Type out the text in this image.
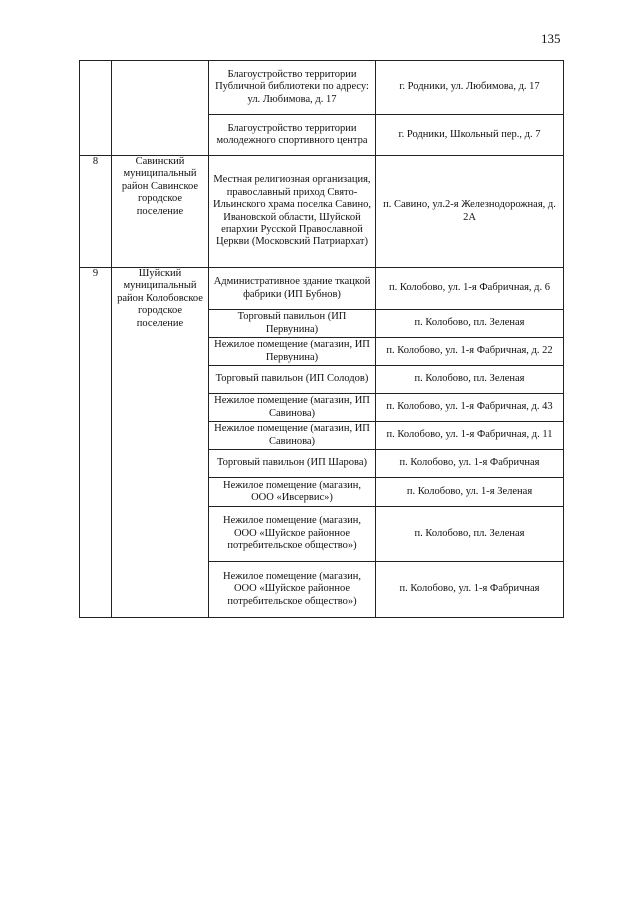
135
		Благоустройство территории Публичной библиотеки по адресу: ул. Любимова, д. 17	г. Родники, ул. Любимова, д. 17
		Благоустройство территории молодежного спортивного центра	г. Родники, Школьный пер., д. 7
8	Савинский муниципальный район Савинское городское поселение	Местная религиозная организация, православный приход Свято-Ильинского храма поселка Савино, Ивановской области, Шуйской епархии Русской Православной Церкви (Московский Патриархат)	п. Савино, ул.2-я Железнодорожная, д. 2А
9	Шуйский муниципальный район Колобовское городское поселение	Административное здание ткацкой фабрики (ИП Бубнов)	п. Колобово, ул. 1-я Фабричная, д. 6
		Торговый павильон (ИП Первунина)	п. Колобово, пл. Зеленая
		Нежилое помещение (магазин, ИП Первунина)	п. Колобово, ул. 1-я Фабричная, д. 22
		Торговый павильон (ИП Солодов)	п. Колобово, пл. Зеленая
		Нежилое помещение (магазин, ИП Савинова)	п. Колобово, ул. 1-я Фабричная, д. 43
		Нежилое помещение (магазин, ИП Савинова)	п. Колобово, ул. 1-я Фабричная, д. 11
		Торговый павильон (ИП Шарова)	п. Колобово, ул. 1-я Фабричная
		Нежилое помещение (магазин, ООО «Ивсервис»)	п. Колобово, ул. 1-я Зеленая
		Нежилое помещение (магазин, ООО «Шуйское районное потребительское общество»)	п. Колобово, пл. Зеленая
		Нежилое помещение (магазин, ООО «Шуйское районное потребительское общество»)	п. Колобово, ул. 1-я Фабричная
